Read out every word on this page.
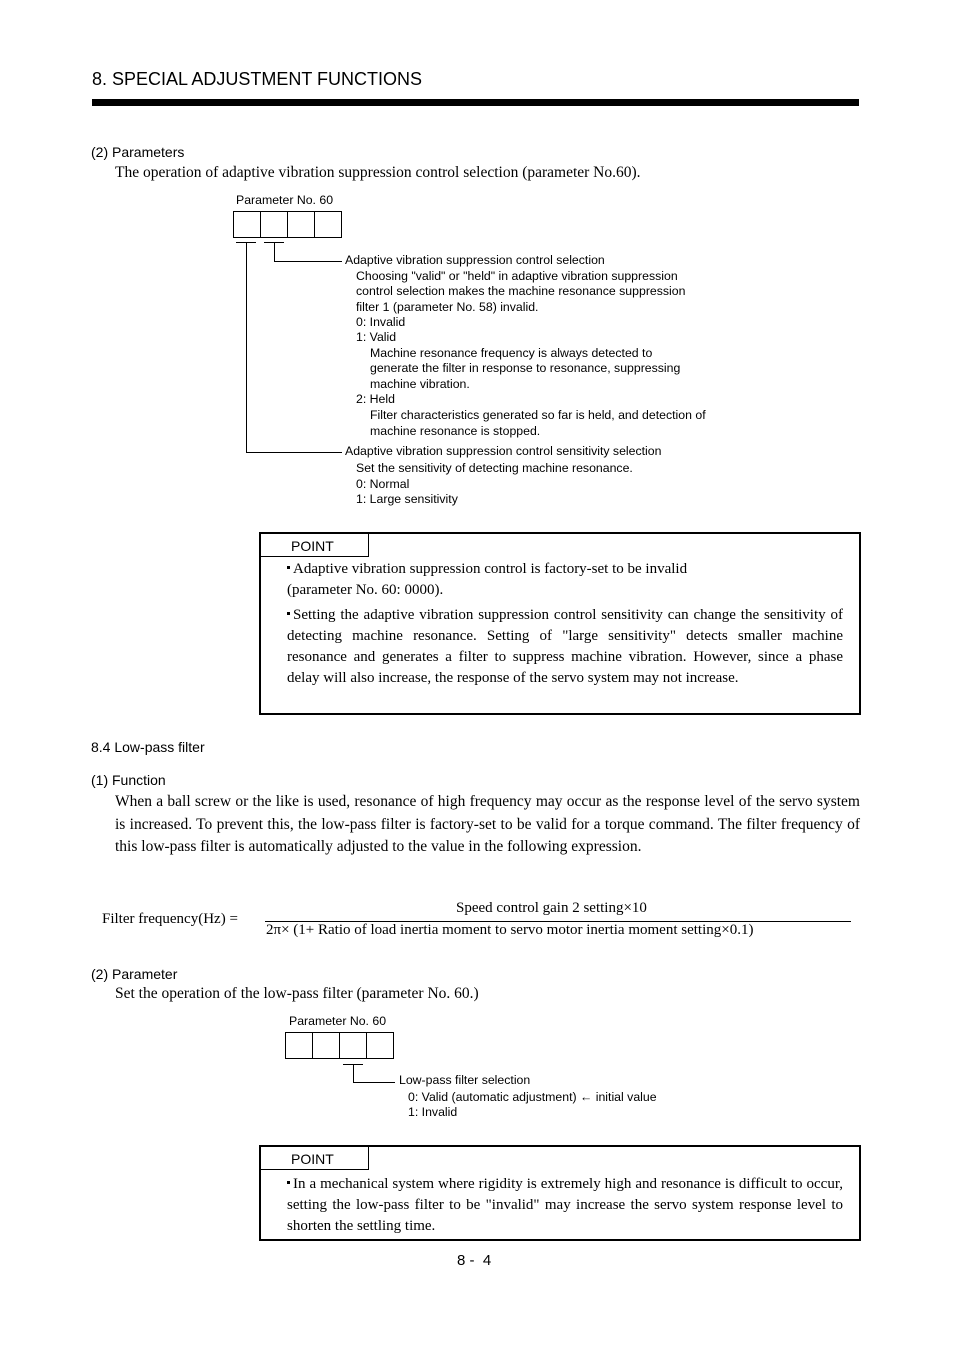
8. SPECIAL ADJUSTMENT FUNCTIONS
(2) Parameters
The operation of adaptive vibration suppression control selection (parameter No.60).
Parameter No. 60
Adaptive vibration suppression control selection
Choosing "valid" or "held" in adaptive vibration suppression
control selection makes the machine resonance suppression
filter 1 (parameter No. 58) invalid.
0: Invalid
1: Valid
Machine resonance frequency is always detected to
generate the filter in response to resonance, suppressing
machine vibration.
2: Held
Filter characteristics generated so far is held, and detection of
machine resonance is stopped.
Adaptive vibration suppression control sensitivity selection
Set the sensitivity of detecting machine resonance.
0: Normal
1: Large sensitivity
POINT
Adaptive vibration suppression control is factory-set to be invalid
(parameter No. 60: 0000).
Setting the adaptive vibration suppression control sensitivity can change the sensitivity of detecting machine resonance. Setting of "large sensitivity" detects smaller machine resonance and generates a filter to suppress machine vibration. However, since a phase delay will also increase, the response of the servo system may not increase.
8.4 Low-pass filter
(1) Function
When a ball screw or the like is used, resonance of high frequency may occur as the response level of the servo system is increased. To prevent this, the low-pass filter is factory-set to be valid for a torque command. The filter frequency of this low-pass filter is automatically adjusted to the value in the following expression.
Filter frequency(Hz) =
Speed control gain 2 setting×10
2π× (1+ Ratio of load inertia moment to servo motor inertia moment setting×0.1)
(2) Parameter
Set the operation of the low-pass filter (parameter No. 60.)
Parameter No. 60
Low-pass filter selection
0: Valid (automatic adjustment) ← initial value
1: Invalid
POINT
In a mechanical system where rigidity is extremely high and resonance is difficult to occur, setting the low-pass filter to be "invalid" may increase the servo system response level to shorten the settling time.
8 -  4
